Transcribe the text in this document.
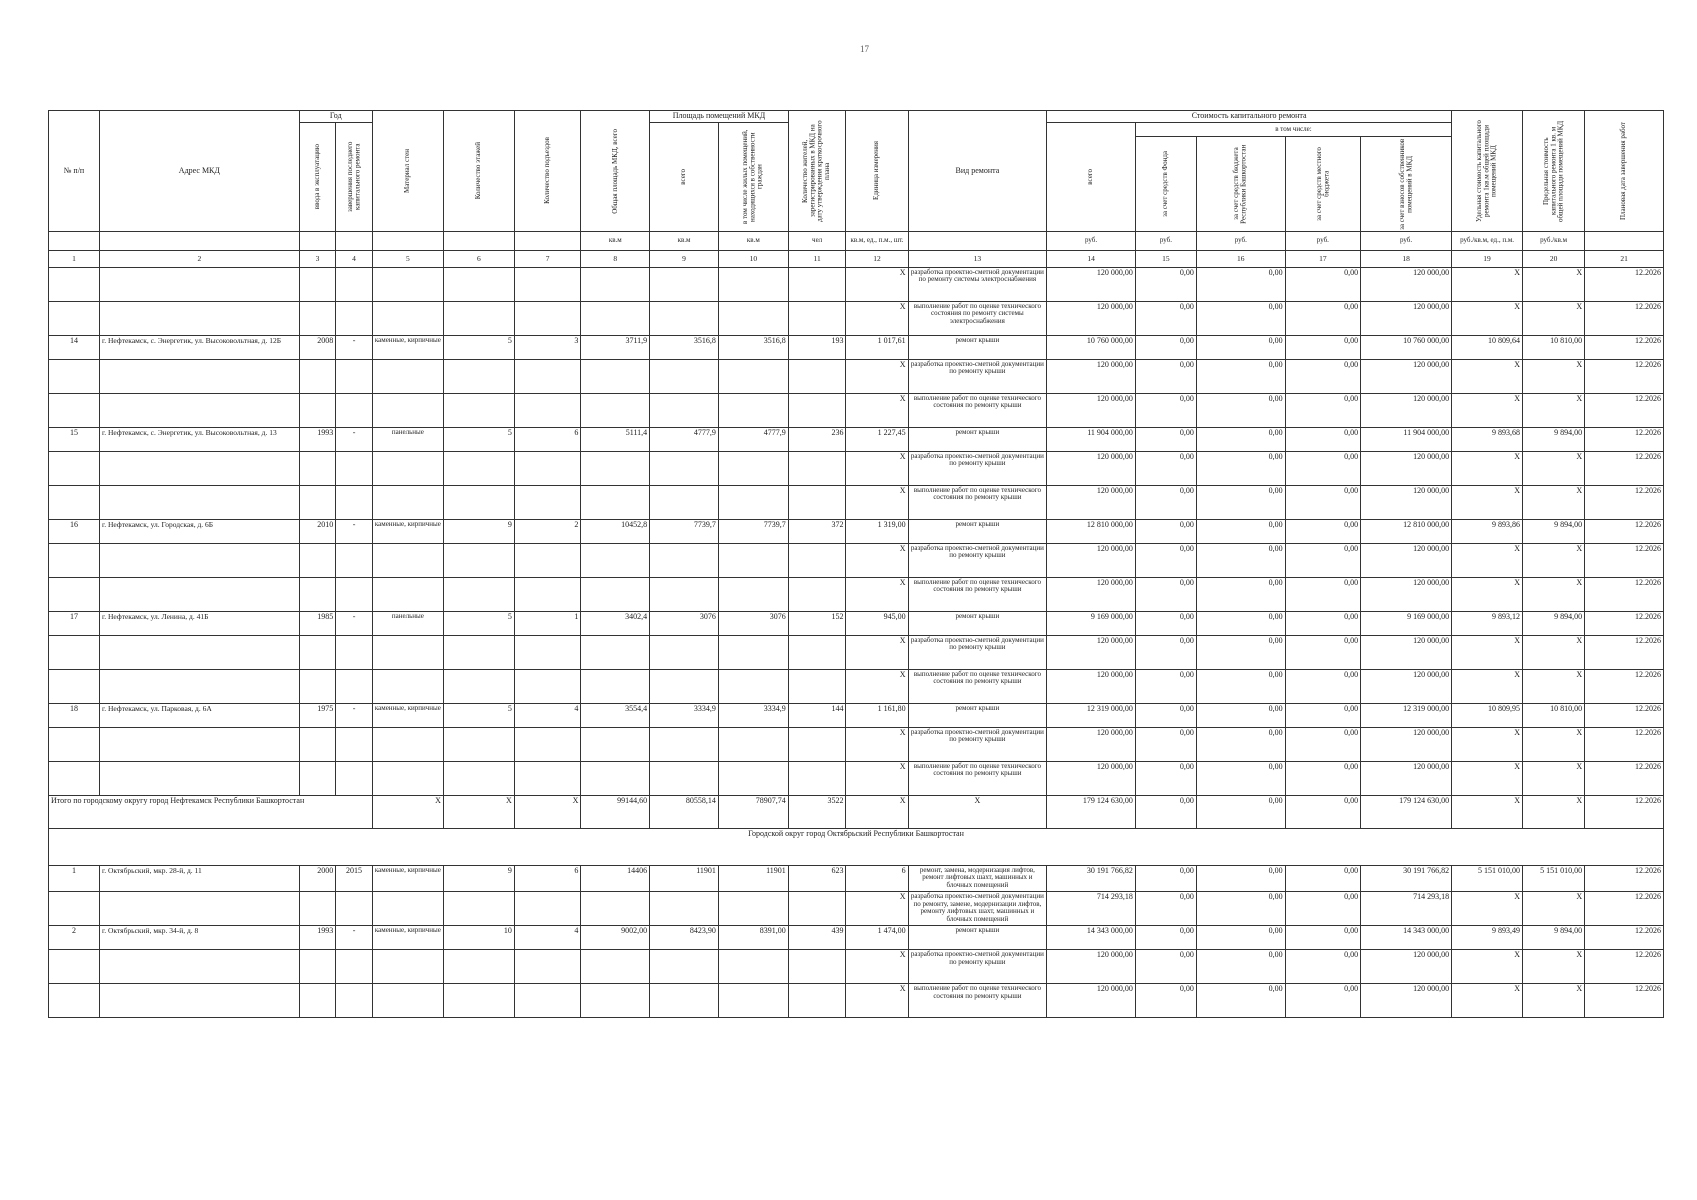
17
№ п/п	Адрес МКД	Год		Материал стен	Количество этажей	Количество подъездов	Общая площадь МКД, всего	Площадь помещений МКД		Количество жителей, зарегистрированных в МКД на дату утверждения краткосрочного плана	Единица измерения	Вид ремонта	Стоимость капитального ремонта					Удельная стоимость капитального ремонта 1кв.м общей площади помещений МКД	Предельная стоимость капитального ремонта 1 кв. м общей площади помещений МКД	Плановая дата завершения работ

		ввода в эксплуатацию	завершения последнего капитального ремонта					всего	в том числе жилых помещений, находящихся в собственности граждан				всего	в том числе:						

														за счет средств Фонда	за счет средств бюджета Республики Башкортостан	за счет средств местного бюджета	за счет взносов собственников помещений в МКД			

							кв.м	кв.м	кв.м	чел	кв.м, ед., п.м., шт.		руб.	руб.	руб.	руб.	руб.	руб./кв.м, ед., п.м.	руб./кв.м	
1	2	3	4	5	6	7	8	9	10	11	12	13	14	15	16	17	18	19	20	21
											X	разработка проектно-сметной документации по ремонту системы электроснабжения	120 000,00	0,00	0,00	0,00	120 000,00	X	X	12.2026
											X	выполнение работ по оценке технического состояния по ремонту системы электроснабжения	120 000,00	0,00	0,00	0,00	120 000,00	X	X	12.2026
14	г. Нефтекамск, с. Энергетик, ул. Высоковольтная, д. 12Б	2008	-	каменные, кирпичные	5	3	3711,9	3516,8	3516,8	193	1 017,61	ремонт крыши	10 760 000,00	0,00	0,00	0,00	10 760 000,00	10 809,64	10 810,00	12.2026
											X	разработка проектно-сметной документации по ремонту крыши	120 000,00	0,00	0,00	0,00	120 000,00	X	X	12.2026
											X	выполнение работ по оценке технического состояния по ремонту крыши	120 000,00	0,00	0,00	0,00	120 000,00	X	X	12.2026
15	г. Нефтекамск, с. Энергетик, ул. Высоковольтная, д. 13	1993	-	панельные	5	6	5111,4	4777,9	4777,9	236	1 227,45	ремонт крыши	11 904 000,00	0,00	0,00	0,00	11 904 000,00	9 893,68	9 894,00	12.2026
											X	разработка проектно-сметной документации по ремонту крыши	120 000,00	0,00	0,00	0,00	120 000,00	X	X	12.2026
											X	выполнение работ по оценке технического состояния по ремонту крыши	120 000,00	0,00	0,00	0,00	120 000,00	X	X	12.2026
16	г. Нефтекамск, ул. Городская, д. 6Б	2010	-	каменные, кирпичные	9	2	10452,8	7739,7	7739,7	372	1 319,00	ремонт крыши	12 810 000,00	0,00	0,00	0,00	12 810 000,00	9 893,86	9 894,00	12.2026
											X	разработка проектно-сметной документации по ремонту крыши	120 000,00	0,00	0,00	0,00	120 000,00	X	X	12.2026
											X	выполнение работ по оценке технического состояния по ремонту крыши	120 000,00	0,00	0,00	0,00	120 000,00	X	X	12.2026
17	г. Нефтекамск, ул. Ленина, д. 41Б	1985	-	панельные	5	1	3402,4	3076	3076	152	945,00	ремонт крыши	9 169 000,00	0,00	0,00	0,00	9 169 000,00	9 893,12	9 894,00	12.2026
											X	разработка проектно-сметной документации по ремонту крыши	120 000,00	0,00	0,00	0,00	120 000,00	X	X	12.2026
											X	выполнение работ по оценке технического состояния по ремонту крыши	120 000,00	0,00	0,00	0,00	120 000,00	X	X	12.2026
18	г. Нефтекамск, ул. Парковая, д. 6А	1975	-	каменные, кирпичные	5	4	3554,4	3334,9	3334,9	144	1 161,80	ремонт крыши	12 319 000,00	0,00	0,00	0,00	12 319 000,00	10 809,95	10 810,00	12.2026
											X	разработка проектно-сметной документации по ремонту крыши	120 000,00	0,00	0,00	0,00	120 000,00	X	X	12.2026
											X	выполнение работ по оценке технического состояния по ремонту крыши	120 000,00	0,00	0,00	0,00	120 000,00	X	X	12.2026
Итого по городскому округу город Нефтекамск Республики Башкортостан				X	X	X	99144,60	80558,14	78907,74	3522	X	X	179 124 630,00	0,00	0,00	0,00	179 124 630,00	X	X	12.2026
Городской округ город Октябрьский Республики Башкортостан																				
1	г. Октябрьский, мкр. 28-й, д. 11	2000	2015	каменные, кирпичные	9	6	14406	11901	11901	623	6	ремонт, замена, модернизация лифтов, ремонт лифтовых шахт, машинных и блочных помещений	30 191 766,82	0,00	0,00	0,00	30 191 766,82	5 151 010,00	5 151 010,00	12.2026
											X	разработка проектно-сметной документации по ремонту, замене, модернизации лифтов, ремонту лифтовых шахт, машинных и блочных помещений	714 293,18	0,00	0,00	0,00	714 293,18	X	X	12.2026
2	г. Октябрьский, мкр. 34-й, д. 8	1993	-	каменные, кирпичные	10	4	9002,00	8423,90	8391,00	439	1 474,00	ремонт крыши	14 343 000,00	0,00	0,00	0,00	14 343 000,00	9 893,49	9 894,00	12.2026
											X	разработка проектно-сметной документации по ремонту крыши	120 000,00	0,00	0,00	0,00	120 000,00	X	X	12.2026
											X	выполнение работ по оценке технического состояния по ремонту крыши	120 000,00	0,00	0,00	0,00	120 000,00	X	X	12.2026
